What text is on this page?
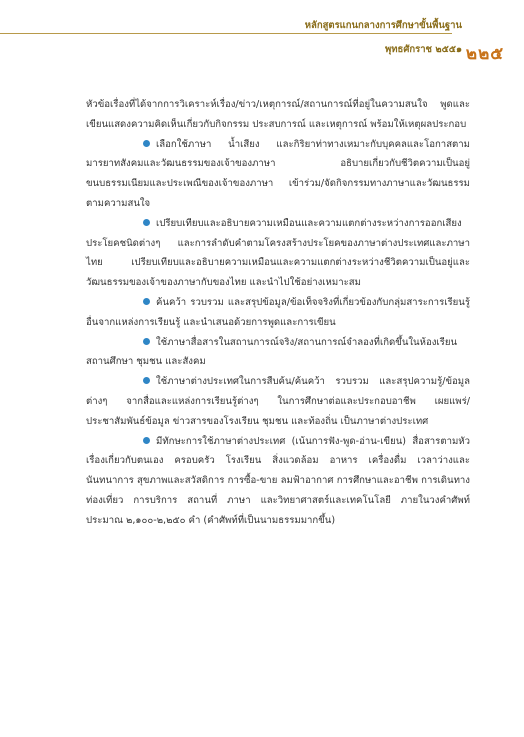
หลักสูตรแกนกลางการศึกษาขั้นพื้นฐาน
พุทธศักราช ๒๕๕๑ ๒๒๕

หัวข้อเรื่องที่ได้จากการวิเคราะห์เรื่อง/ข่าว/เหตุการณ์/สถานการณ์ที่อยู่ในความสนใจ พูดและเขียนแสดงความคิดเห็นเกี่ยวกับกิจกรรม ประสบการณ์ และเหตุการณ์ พร้อมให้เหตุผลประกอบ

เลือกใช้ภาษา น้ำเสียง และกิริยาท่าทางเหมาะกับบุคคลและโอกาสตามมารยาทสังคมและวัฒนธรรมของเจ้าของภาษา อธิบายเกี่ยวกับชีวิตความเป็นอยู่ ขนบธรรมเนียมและประเพณีของเจ้าของภาษา เข้าร่วม/จัดกิจกรรมทางภาษาและวัฒนธรรมตามความสนใจ

เปรียบเทียบและอธิบายความเหมือนและความแตกต่างระหว่างการออกเสียงประโยคชนิดต่างๆ และการลำดับคำตามโครงสร้างประโยคของภาษาต่างประเทศและภาษาไทย เปรียบเทียบและอธิบายความเหมือนและความแตกต่างระหว่างชีวิตความเป็นอยู่และวัฒนธรรมของเจ้าของภาษากับของไทย และนำไปใช้อย่างเหมาะสม

ค้นคว้า รวบรวม และสรุปข้อมูล/ข้อเท็จจริงที่เกี่ยวข้องกับกลุ่มสาระการเรียนรู้อื่นจากแหล่งการเรียนรู้ และนำเสนอด้วยการพูดและการเขียน

ใช้ภาษาสื่อสารในสถานการณ์จริง/สถานการณ์จำลองที่เกิดขึ้นในห้องเรียน สถานศึกษา ชุมชน และสังคม

ใช้ภาษาต่างประเทศในการสืบค้น/ค้นคว้า รวบรวม และสรุปความรู้/ข้อมูลต่างๆ จากสื่อและแหล่งการเรียนรู้ต่างๆ ในการศึกษาต่อและประกอบอาชีพ เผยแพร่/ประชาสัมพันธ์ข้อมูล ข่าวสารของโรงเรียน ชุมชน และท้องถิ่น เป็นภาษาต่างประเทศ

มีทักษะการใช้ภาษาต่างประเทศ (เน้นการฟัง-พูด-อ่าน-เขียน) สื่อสารตามหัวเรื่องเกี่ยวกับตนเอง ครอบครัว โรงเรียน สิ่งแวดล้อม อาหาร เครื่องดื่ม เวลาว่างและนันทนาการ สุขภาพและสวัสดิการ การซื้อ-ขาย ลมฟ้าอากาศ การศึกษาและอาชีพ การเดินทางท่องเที่ยว การบริการ สถานที่ ภาษา และวิทยาศาสตร์และเทคโนโลยี ภายในวงคำศัพท์ประมาณ ๒,๑๐๐-๒,๒๕๐ คำ (คำศัพท์ที่เป็นนามธรรมมากขึ้น)
